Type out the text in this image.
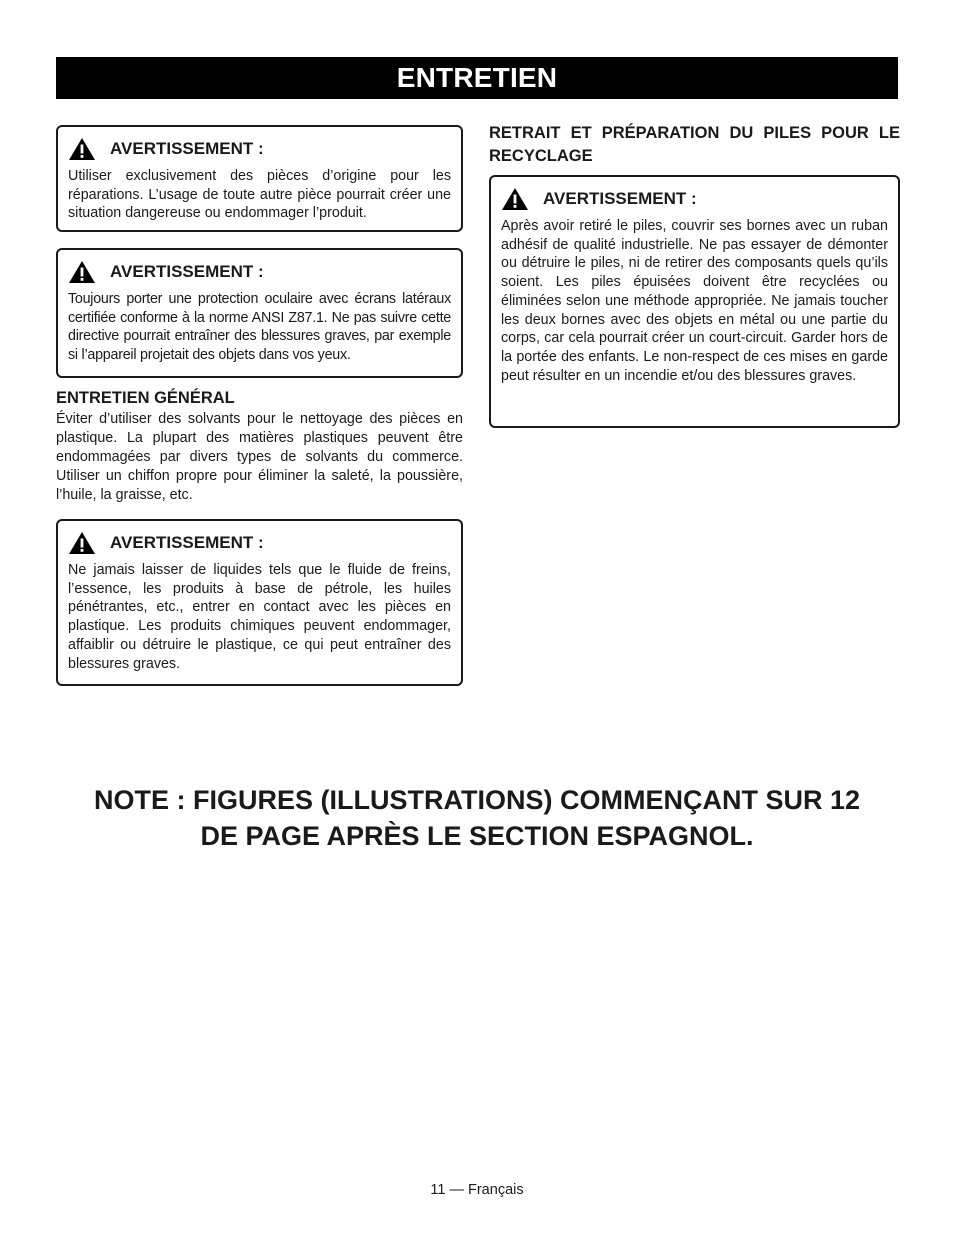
ENTRETIEN
AVERTISSEMENT :
Utiliser exclusivement des pièces d’origine pour les réparations. L’usage de toute autre pièce pourrait créer une situation dangereuse ou endommager l’produit.
AVERTISSEMENT :
Toujours porter une protection oculaire avec écrans latéraux certifiée conforme à la norme ANSI Z87.1. Ne pas suivre cette directive pourrait entraîner des blessures graves, par exemple si l’appareil projetait des objets dans vos yeux.
ENTRETIEN GÉNÉRAL
Éviter d’utiliser des solvants pour le nettoyage des pièces en plastique. La plupart des matières plastiques peuvent être endommagées par divers types de solvants du commerce. Utiliser un chiffon propre pour éliminer la saleté, la poussière, l’huile, la graisse, etc.
AVERTISSEMENT :
Ne jamais laisser de liquides tels que le fluide de freins, l’essence, les produits à base de pétrole, les huiles pénétrantes, etc., entrer en contact avec les pièces en plastique. Les produits chimiques peuvent endommager, affaiblir ou détruire le plastique, ce qui peut entraîner des blessures graves.
RETRAIT ET PRÉPARATION DU PILES POUR LE RECYCLAGE
AVERTISSEMENT :
Après avoir retiré le piles, couvrir ses bornes avec un ruban adhésif de qualité industrielle. Ne pas essayer de démonter ou détruire le piles, ni de retirer des composants quels qu’ils soient. Les piles épuisées doivent être recyclées ou éliminées selon une méthode appropriée. Ne jamais toucher les deux bornes avec des objets en métal ou une partie du corps, car cela pourrait créer un court-circuit. Garder hors de la portée des enfants. Le non-respect de ces mises en garde peut résulter en un incendie et/ou des blessures graves.
NOTE : FIGURES (ILLUSTRATIONS) COMMENÇANT SUR 12
DE PAGE APRÈS LE SECTION ESPAGNOL.
11 — Français
